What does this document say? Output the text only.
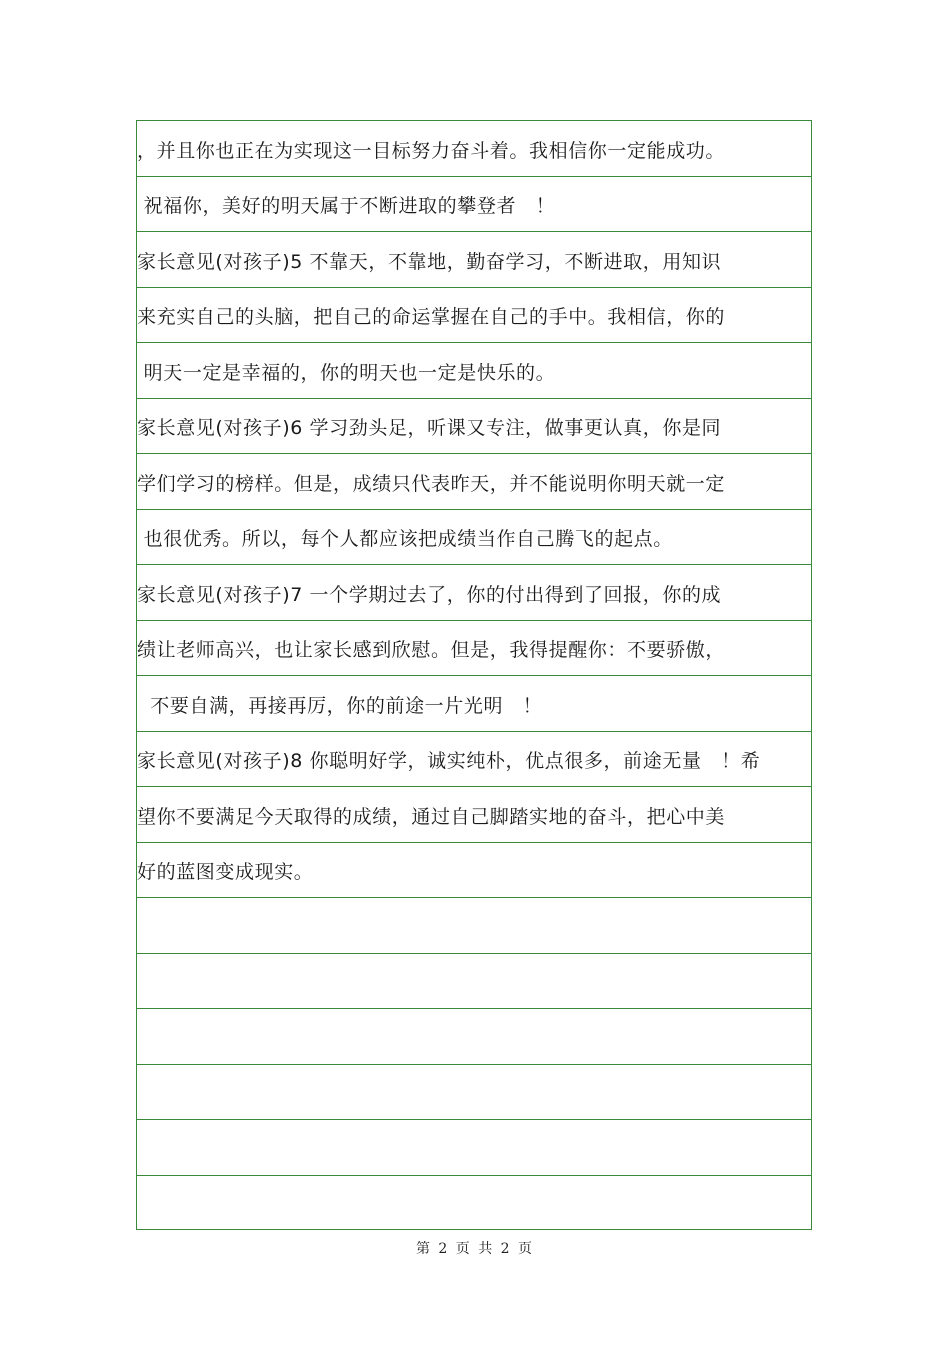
，并且你也正在为实现这一目标努力奋斗着。我相信你一定能成功。
祝福你，美好的明天属于不断进取的攀登者　！
家长意见(对孩子)5 不靠天，不靠地，勤奋学习，不断进取，用知识
来充实自己的头脑，把自己的命运掌握在自己的手中。我相信，你的
明天一定是幸福的，你的明天也一定是快乐的。
家长意见(对孩子)6 学习劲头足，听课又专注，做事更认真，你是同
学们学习的榜样。但是，成绩只代表昨天，并不能说明你明天就一定
也很优秀。所以，每个人都应该把成绩当作自己腾飞的起点。
家长意见(对孩子)7 一个学期过去了，你的付出得到了回报，你的成
绩让老师高兴，也让家长感到欣慰。但是，我得提醒你：不要骄傲，
不要自满，再接再厉，你的前途一片光明　！
家长意见(对孩子)8 你聪明好学，诚实纯朴，优点很多，前途无量　！希
望你不要满足今天取得的成绩，通过自己脚踏实地的奋斗，把心中美
好的蓝图变成现实。
第 2 页 共 2 页
